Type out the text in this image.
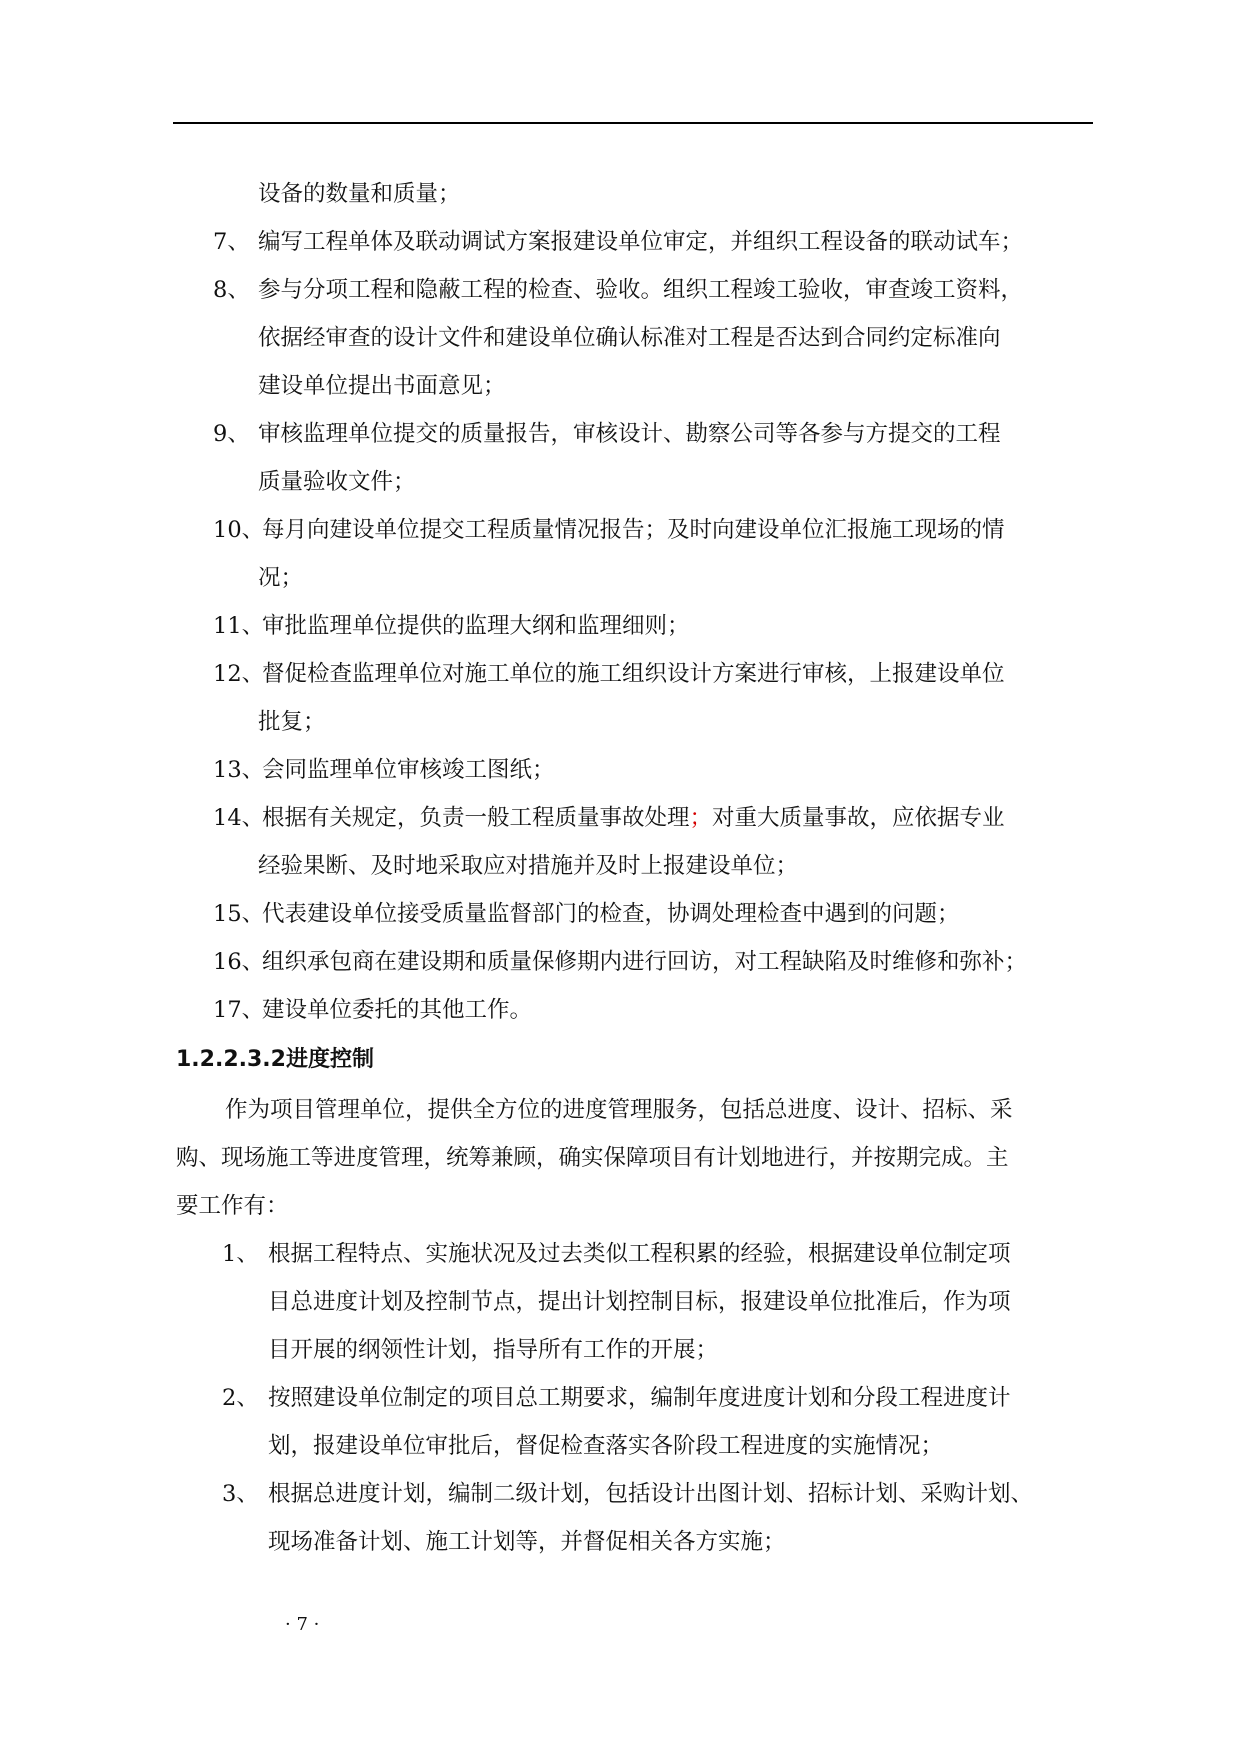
设备的数量和质量；
7、 编写工程单体及联动调试方案报建设单位审定，并组织工程设备的联动试车；
8、 参与分项工程和隐蔽工程的检查、验收。组织工程竣工验收，审查竣工资料，
依据经审查的设计文件和建设单位确认标准对工程是否达到合同约定标准向
建设单位提出书面意见；
9、 审核监理单位提交的质量报告，审核设计、勘察公司等各参与方提交的工程
质量验收文件；
10、
每月向建设单位提交工程质量情况报告；及时向建设单位汇报施工现场的情
况；
11、
审批监理单位提供的监理大纲和监理细则；
12、
督促检查监理单位对施工单位的施工组织设计方案进行审核，上报建设单位
批复；
13、
会同监理单位审核竣工图纸；
14、
根据有关规定，负责一般工程质量事故处理；对重大质量事故，应依据专业
经验果断、及时地采取应对措施并及时上报建设单位；
15、
代表建设单位接受质量监督部门的检查，协调处理检查中遇到的问题；
16、
组织承包商在建设期和质量保修期内进行回访，对工程缺陷及时维修和弥补；
17、
建设单位委托的其他工作。
1.2.2.3.2进度控制
作为项目管理单位，提供全方位的进度管理服务，包括总进度、设计、招标、采
购、现场施工等进度管理，统筹兼顾，确实保障项目有计划地进行，并按期完成。主
要工作有：
1、 根据工程特点、实施状况及过去类似工程积累的经验，根据建设单位制定项
目总进度计划及控制节点，提出计划控制目标，报建设单位批准后，作为项
目开展的纲领性计划，指导所有工作的开展；
2、 按照建设单位制定的项目总工期要求，编制年度进度计划和分段工程进度计
划，报建设单位审批后，督促检查落实各阶段工程进度的实施情况；
3、 根据总进度计划，编制二级计划，包括设计出图计划、招标计划、采购计划、
现场准备计划、施工计划等，并督促相关各方实施；
· 7 ·
